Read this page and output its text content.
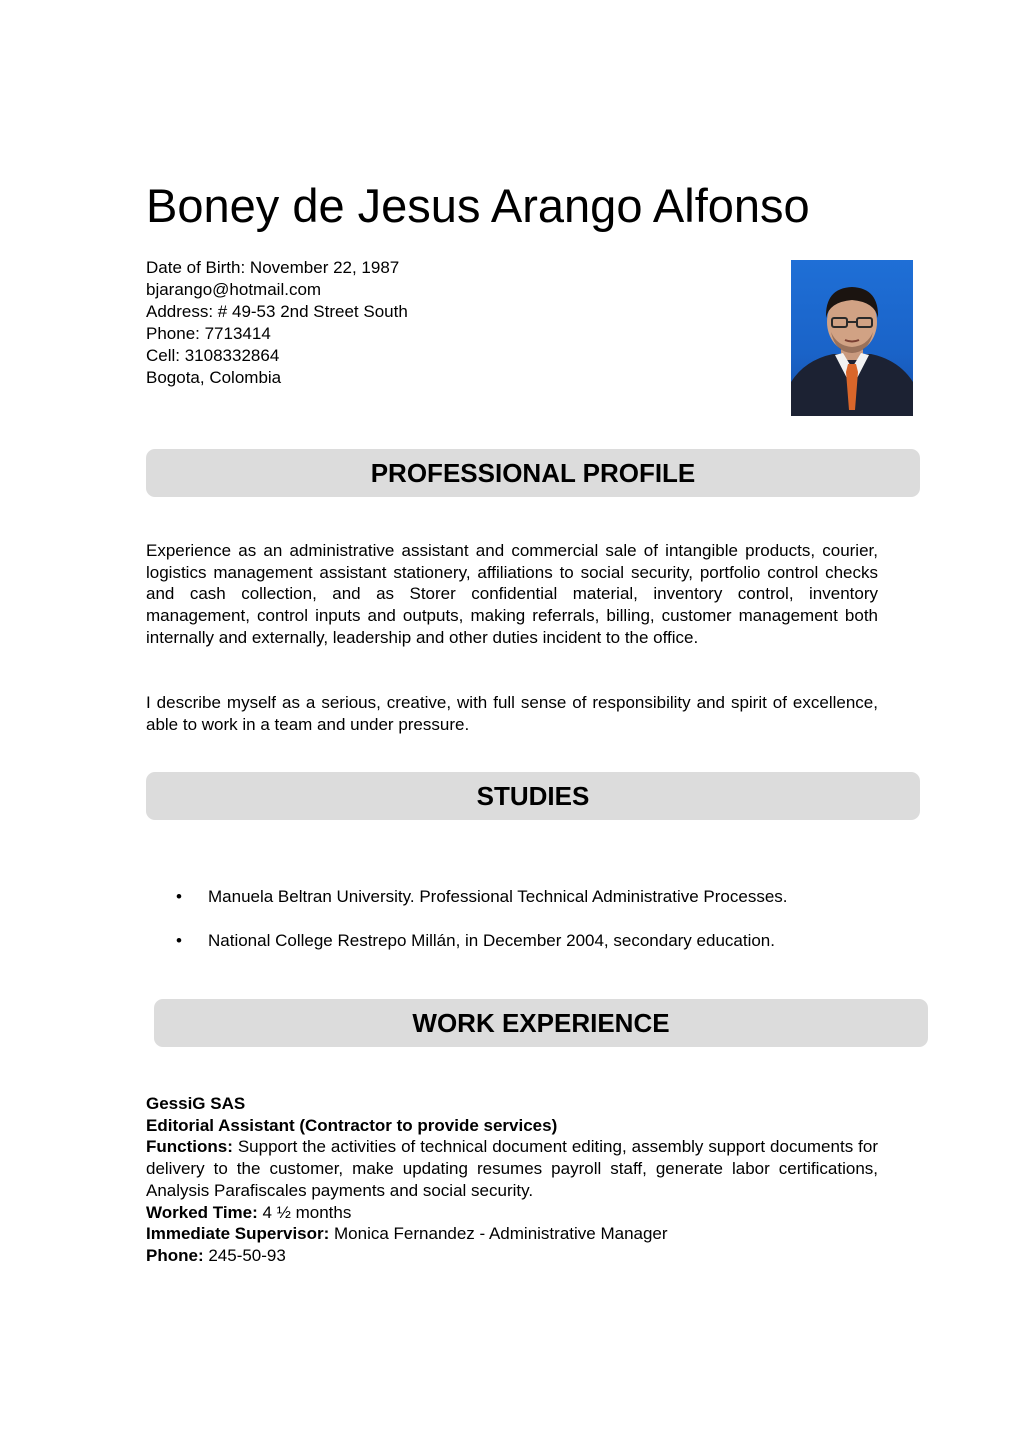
Boney de Jesus Arango Alfonso
Date of Birth: November 22, 1987
bjarango@hotmail.com
Address: # 49-53 2nd Street South
Phone: 7713414
Cell: 3108332864
Bogota, Colombia
PROFESSIONAL PROFILE
Experience as an administrative assistant and commercial sale of intangible products, courier, logistics management assistant stationery, affiliations to social security, portfolio control checks and cash collection, and as Storer confidential material, inventory control, inventory management, control inputs and outputs, making referrals, billing, customer management both internally and externally, leadership and other duties incident to the office.
I describe myself as a serious, creative, with full sense of responsibility and spirit of excellence, able to work in a team and under pressure.
STUDIES
• Manuela Beltran University. Professional Technical Administrative Processes.
• National College Restrepo Millán, in December 2004, secondary education.
WORK EXPERIENCE
GessiG SAS
Editorial Assistant (Contractor to provide services)
Functions: Support the activities of technical document editing, assembly support documents for delivery to the customer, make updating resumes payroll staff, generate labor certifications, Analysis Parafiscales payments and social security.
Worked Time: 4 ½ months
Immediate Supervisor: Monica Fernandez - Administrative Manager
Phone: 245-50-93
